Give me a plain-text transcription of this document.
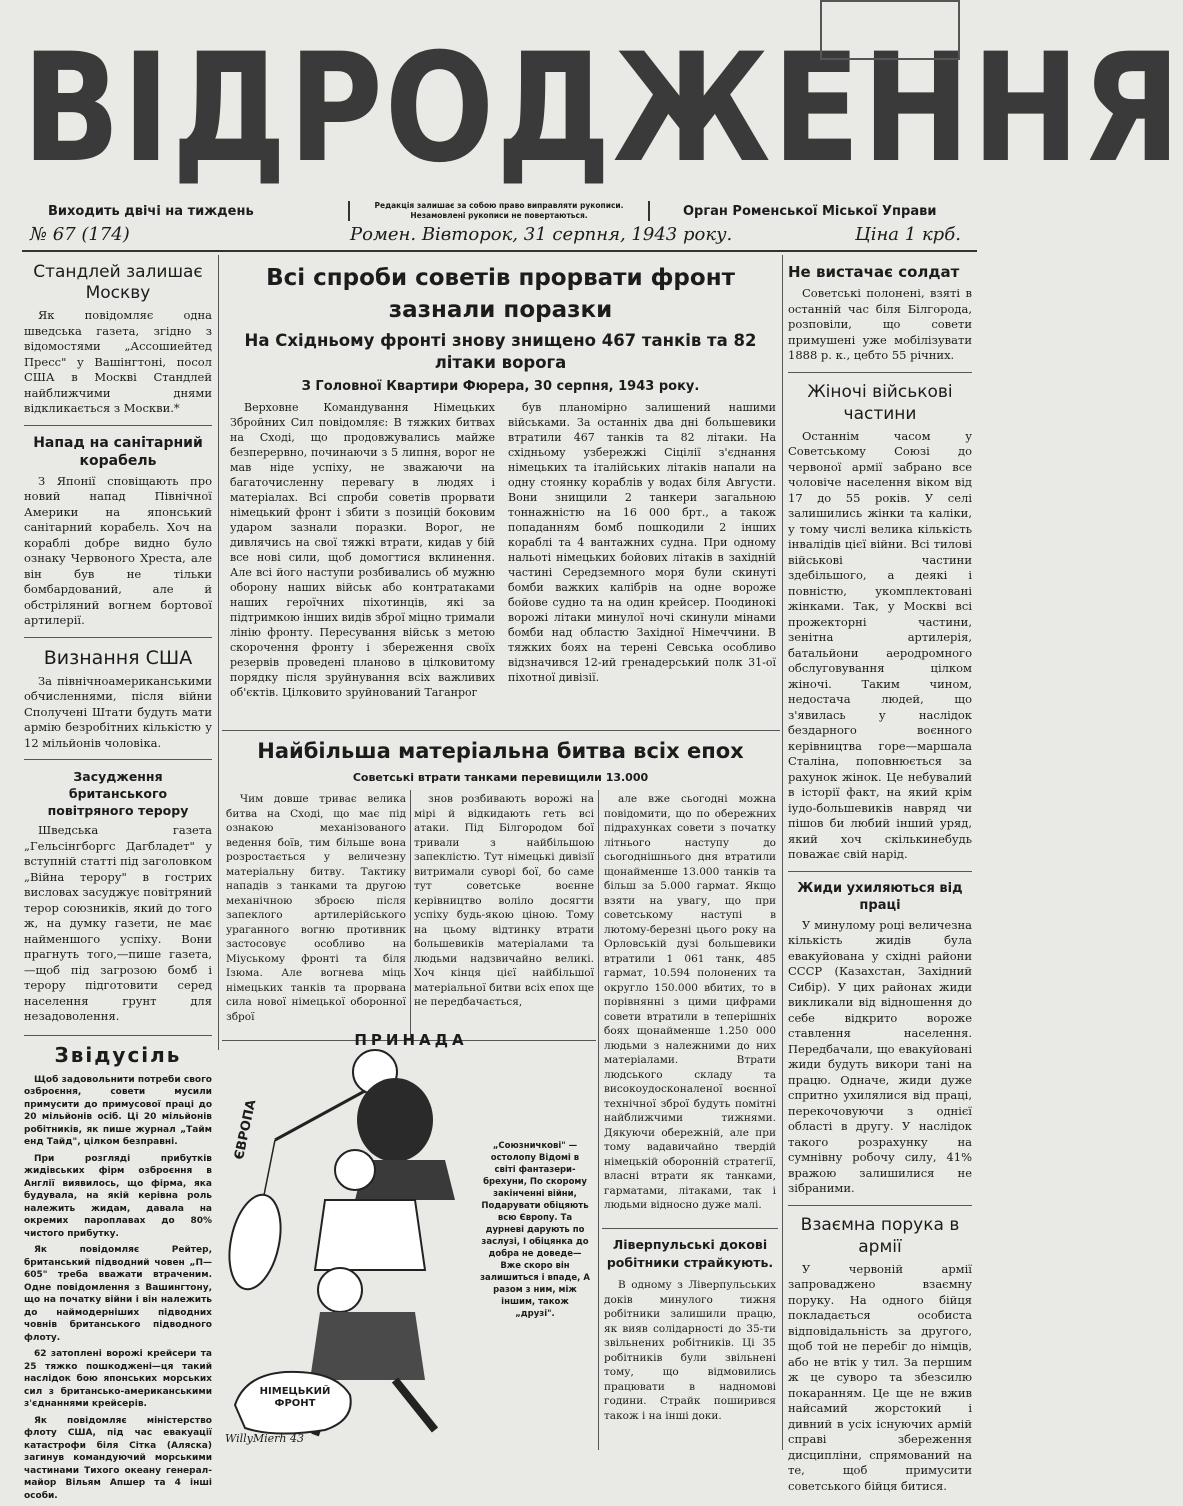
ВІДРОДЖЕННЯ
Виходить двічі на тиждень	Редакція залишає за собою право виправляти рукописи. Незамовлені рукописи не повертаються.	Орган Роменської Міської Управи
№ 67 (174)	Ромен. Вівторок, 31 серпня, 1943 року.	Ціна 1 крб.
Стандлей залишає Москву

Як повідомляє одна шведська газета, згідно з відомостями „Ассошиейтед Пресс" у Вашінгтоні, посол США в Москві Стандлей найближчими днями відкликається з Москви.*

Напад на санітарний корабель

З Японії сповіщають про новий напад Північної Америки на японський санітарний корабель. Хоч на кораблі добре видно було ознаку Червоного Хреста, але він був не тільки бомбардований, але й обстріляний вогнем бортової артилерії.

Визнання США

За північноамериканськими обчисленнями, після війни Сполучені Штати будуть мати армію безробітних кількістю у 12 мільйонів чоловіка.

Засудження британського повітряного терору

Шведська газета „Гельсінгборгс Дагбладет" у вступній статті під заголовком „Війна терору" в гострих висловах засуджує повітряний терор союзників, який до того ж, на думку газети, не має найменшого успіху. Вони прагнуть того,—пише газета,—щоб під загрозою бомб і терору підготовити серед населення грунт для незадоволення.

Звідусіль

Щоб задовольнити потреби свого озброєння, совети мусили примусити до примусової праці до 20 мільйонів осіб. Ці 20 мільйонів робітників, як пише журнал „Тайм енд Тайд", цілком безправні.

При розгляді прибутків жидівських фірм озброєння в Англії виявилось, що фірма, яка будувала, на якій керівна роль належить жидам, давала на окремих пароплавах до 80% чистого прибутку.

Як повідомляє Рейтер, британський підводний човен „П—605" треба вважати втраченим. Одне повідомлення з Вашингтону, що на початку війни і він належить до наймодерніших підводних човнів британського підводного флоту.

62 затоплені ворожі крейсери та 25 тяжко пошкоджені—ця такий наслідок бою японських морських сил з британсько-американськими з'єднаннями крейсерів.

Як повідомляє міністерство флоту США, під час евакуації катастрофи біля Сітка (Аляска) загинув командуючий морськими частинами Тихого океану генерал-майор Вільям Апшер та 4 інші особи.

Всі спроби советів прорвати фронт зазнали поразки
На Східньому фронті знову знищено 467 танків та 82 літаки ворога
З Головної Квартири Фюрера, 30 серпня, 1943 року.

Верховне Командування Німецьких Збройних Сил повідомляє: В тяжких битвах на Сході, що продовжувались майже безперервно, починаючи з 5 липня, ворог не мав ніде успіху, не зважаючи на багаточисленну перевагу в людях і матеріалах. Всі спроби советів прорвати німецький фронт і збити з позицій боковим ударом зазнали поразки. Ворог, не дивлячись на свої тяжкі втрати, кидав у бій все нові сили, щоб домогтися вклинення. Але всі його наступи розбивались об мужню оборону наших військ або контратаками наших героїчних піхотинців, які за підтримкою інших видів зброї міцно тримали лінію фронту. Пересування військ з метою скорочення фронту і збереження своїх резервів проведені планово в цілковитому порядку після зруйнування всіх важливих об'єктів. Цілковито зруйнований Таганрог

був планомірно залишений нашими військами. За останніх два дні большевики втратили 467 танків та 82 літаки. На східньому узбережжі Сіцілії з'єднання німецьких та італійських літаків напали на одну стоянку кораблів у водах біля Августи. Вони знищили 2 танкери загальною тоннажністю на 16 000 брт., а також попаданням бомб пошкодили 2 інших кораблі та 4 вантажних судна. При одному нальоті німецьких бойових літаків в західній частині Середземного моря були скинуті бомби важких калібрів на одне вороже бойове судно та на один крейсер. Поодинокі ворожі літаки минулої ночі скинули мінами бомби над областю Західної Німеччини. В тяжких боях на терені Севська особливо відзначився 12-ий гренадерський полк 31-ої піхотної дивізії.

Найбільша матеріальна битва всіх епох
Советські втрати танками перевищили 13.000

Чим довше триває велика битва на Сході, що має під ознакою механізованого ведення боїв, тим більше вона розростається у величезну матеріальну битву. Тактику нападів з танками та другою механічною зброєю після запеклого артилерійського ураганного вогню противник застосовує особливо на Міуському фронті та біля Ізюма. Але вогнева міць німецьких танків та прорвана сила нової німецької оборонної зброї

знов розбивають ворожі на мірі й відкидають геть всі атаки. Під Білгородом бої тривали з найбільшою запеклістю. Тут німецькі дивізії витримали суворі бої, бо саме тут советське воєнне керівництво воліло досягти успіху будь-якою ціною. Тому на цьому відтинку втрати большевиків матеріалами та людьми надзвичайно великі. Хоч кінця цієї найбільшої матеріальної битви всіх епох ще не передбачається,

але вже сьогодні можна повідомити, що по обережних підрахунках совети з початку літнього наступу до сьогоднішнього дня втратили щонайменше 13.000 танків та більш за 5.000 гармат. Якщо взяти на увагу, що при советському наступі в лютому-березні цього року на Орловській дузі большевики втратили 1 061 танк, 485 гармат, 10.594 полонених та округло 150.000 вбитих, то в порівнянні з цими цифрами совети втратили в теперішніх боях щонайменше 1.250 000 людьми з належними до них матеріалами. Втрати людського складу та високоудосконаленої воєнної технічної зброї будуть помітні найближчими тижнями. Дякуючи обережній, але при тому вадавичайно твердій німецькій оборонній стратегії, власні втрати як танками, гарматами, літаками, так і людьми відносно дуже малі.

Ліверпульські докові робітники страйкують.

В одному з Ліверпульських доків минулого тижня робітники залишили працю, як вияв солідарності до 35-ти звільнених робітників. Ці 35 робітників були звільнені тому, що відмовились працювати в надномові години. Страйк поширився також і на інші доки.

ПРИНАДА
ЄВРОПА
НІМЕЦЬКИЙ ФРОНТ
WillyMierh 43
„Союзничкові" — остолопу Відомі в світі фантазери-брехуни, По скорому закінченні війни, Подарувати обіцяють всю Європу. Та дурневі дарують по заслузі, І обіцянка до добра не доведе— Вже скоро він залишиться і впаде, А разом з ним, між іншим, також „друзі".
Не вистачає солдат

Советські полонені, взяті в останній час біля Білгорода, розповіли, що совети примушені уже мобілізувати 1888 р. к., цебто 55 річних.

Жіночі військові частини

Останнім часом у Советському Союзі до червоної армії забрано все чоловіче населення віком від 17 до 55 років. У селі залишились жінки та каліки, у тому числі велика кількість інвалідів цієї війни. Всі тилові військові частини здебільшого, а деякі і повністю, укомплектовані жінками. Так, у Москві всі прожекторні частини, зенітна артилерія, батальйони аеродромного обслуговування цілком жіночі. Таким чином, недостача людей, що з'явилась у наслідок бездарного воєнного керівництва горе—маршала Сталіна, поповнюється за рахунок жінок. Це небувалий в історії факт, на який крім іудо-большевиків навряд чи пішов би любий інший уряд, який хоч скількинебудь поважає свій нарід.

Жиди ухиляються від праці

У минулому році величезна кількість жидів була евакуйована у східні райони СССР (Казахстан, Західний Сибір). У цих районах жиди викликали від відношення до себе відкрито вороже ставлення населення. Передбачали, що евакуйовані жиди будуть викори тані на працю. Одначе, жиди дуже спритно ухилялися від праці, перекочовуючи з однієї області в другу. У наслідок такого розрахунку на сумнівну робочу силу, 41% вражою залишилися не зібраними.

Взаємна порука в армії

У червоній армії запроваджено взаємну поруку. На одного бійця покладається особиста відповідальність за другого, щоб той не перебіг до німців, або не втік у тил. За першим ж це суворо та збезсилю покаранням. Це ще не вжив найсамий жорстокий і дивний в усіх існуючих армій справі збереження дисципліни, спрямований на те, щоб примусити советського бійця битися.
